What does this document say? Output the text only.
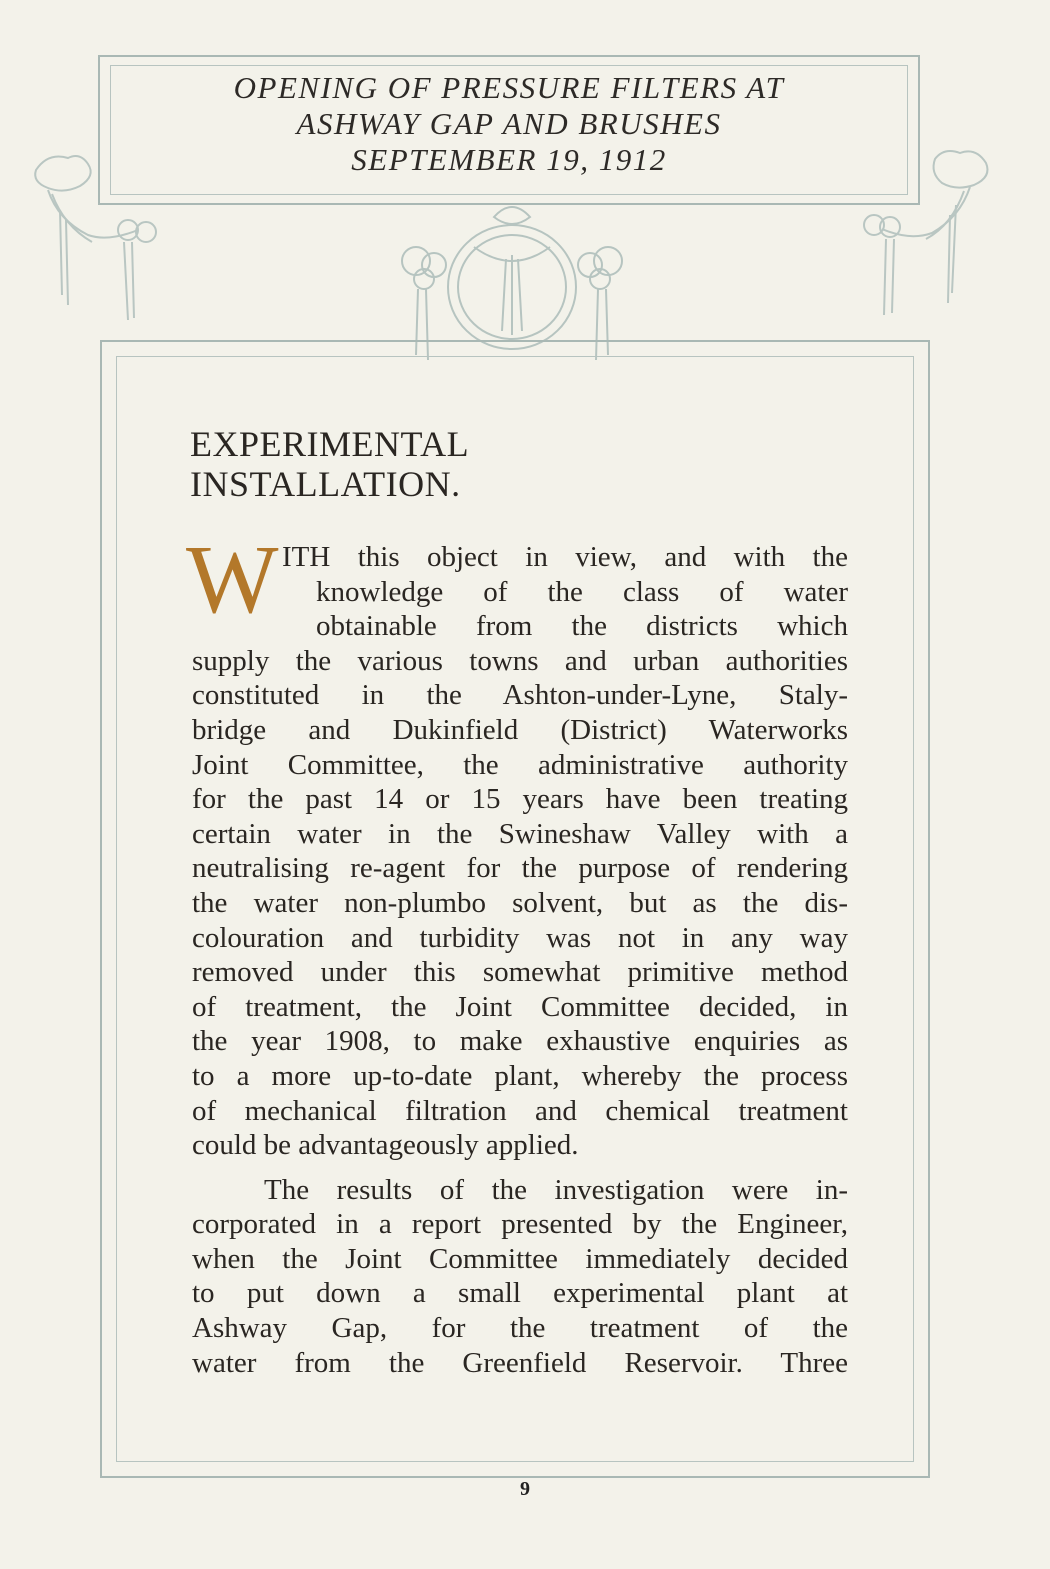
OPENING OF PRESSURE FILTERS AT
ASHWAY GAP AND BRUSHES
SEPTEMBER 19, 1912
EXPERIMENTAL
INSTALLATION.
W ITH this object in view, and with the
knowledge of the class of water
obtainable from the districts which
supply the various towns and urban authorities
constituted in the Ashton-under-Lyne, Staly-
bridge and Dukinfield (District) Waterworks
Joint Committee, the administrative authority
for the past 14 or 15 years have been treating
certain water in the Swineshaw Valley with a
neutralising re-agent for the purpose of rendering
the water non-plumbo solvent, but as the dis-
colouration and turbidity was not in any way
removed under this somewhat primitive method
of treatment, the Joint Committee decided, in
the year 1908, to make exhaustive enquiries as
to a more up-to-date plant, whereby the process
of mechanical filtration and chemical treatment
could be advantageously applied.
The results of the investigation were in-
corporated in a report presented by the Engineer,
when the Joint Committee immediately decided
to put down a small experimental plant at
Ashway Gap, for the treatment of the
water from the Greenfield Reservoir. Three
9
